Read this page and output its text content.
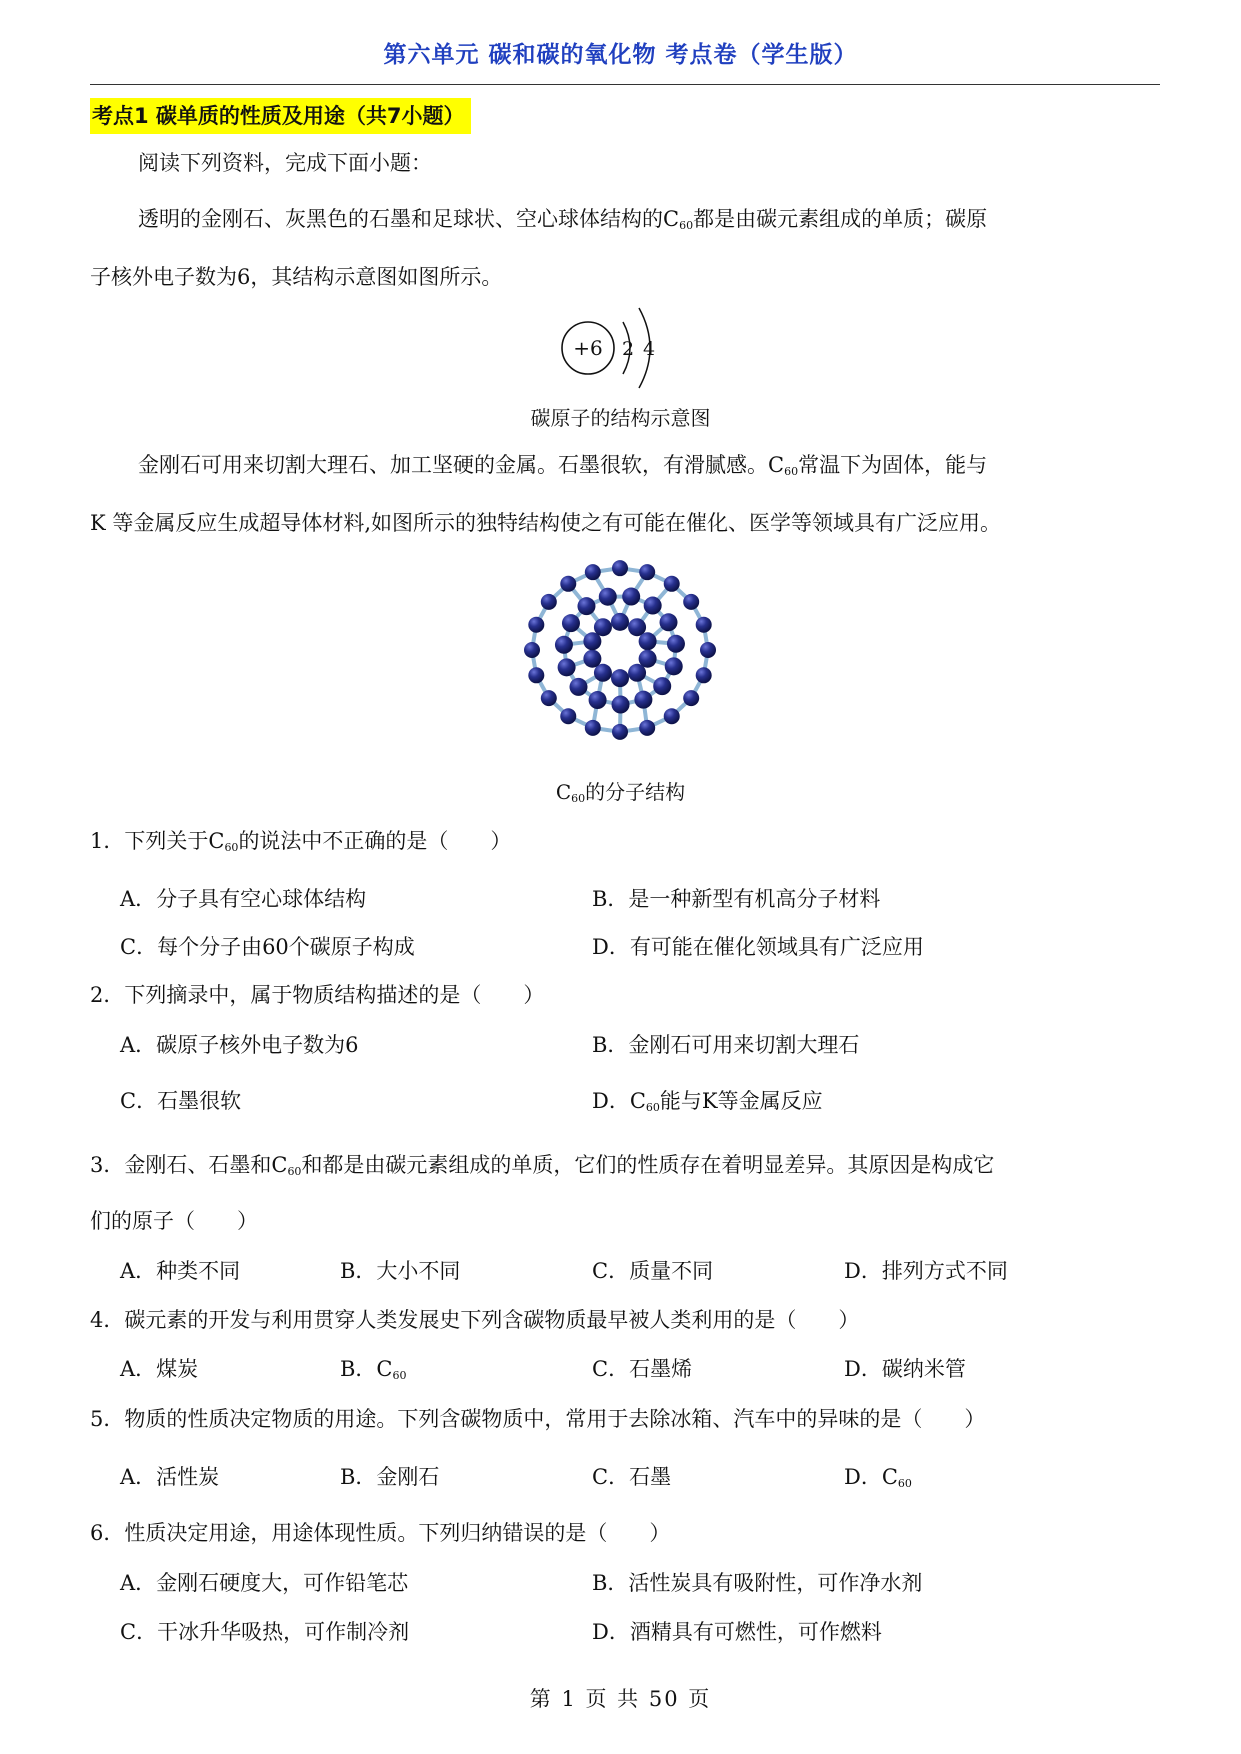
第六单元 碳和碳的氧化物 考点卷（学生版）
考点1 碳单质的性质及用途（共7小题）
阅读下列资料，完成下面小题：
透明的金刚石、灰黑色的石墨和足球状、空心球体结构的$C_{60}$都是由碳元素组成的单质；碳原
子核外电子数为6，其结构示意图如图所示。
+6 2 4
碳原子的结构示意图
金刚石可用来切割大理石、加工坚硬的金属。石墨很软，有滑腻感。$C_{60}$常温下为固体，能与
K 等金属反应生成超导体材料,如图所示的独特结构使之有可能在催化、医学等领域具有广泛应用。
$C_{60}$的分子结构
1．下列关于$C_{60}$的说法中不正确的是（　　）
A．分子具有空心球体结构	B．是一种新型有机高分子材料
C．每个分子由60个碳原子构成	D．有可能在催化领域具有广泛应用
2．下列摘录中，属于物质结构描述的是（　　）
A．碳原子核外电子数为6	B．金刚石可用来切割大理石
C．石墨很软	D．$C_{60}$能与K等金属反应
3．金刚石、石墨和$C_{60}$和都是由碳元素组成的单质，它们的性质存在着明显差异。其原因是构成它
们的原子（　　）
A．种类不同	B．大小不同	C．质量不同	D．排列方式不同
4．碳元素的开发与利用贯穿人类发展史下列含碳物质最早被人类利用的是（　　）
A．煤炭	B．$C_{60}$	C．石墨烯	D．碳纳米管
5．物质的性质决定物质的用途。下列含碳物质中，常用于去除冰箱、汽车中的异味的是（　　）
A．活性炭	B．金刚石	C．石墨	D．$C_{60}$
6．性质决定用途，用途体现性质。下列归纳错误的是（　　）
A．金刚石硬度大，可作铅笔芯	B．活性炭具有吸附性，可作净水剂
C．干冰升华吸热，可作制冷剂	D．酒精具有可燃性，可作燃料
第 1 页 共 50 页
